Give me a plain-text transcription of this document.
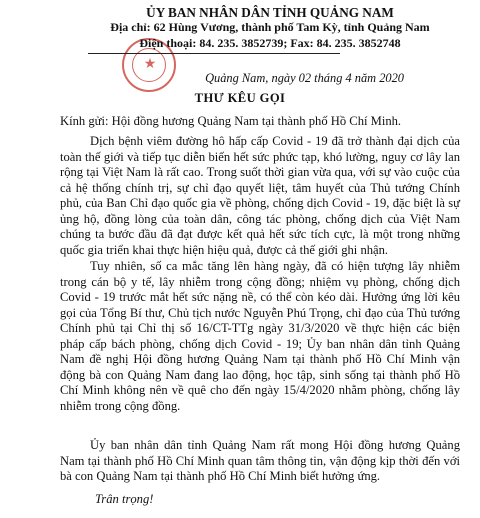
★
ỦY BAN NHÂN DÂN TỈNH QUẢNG NAM
Địa chỉ: 62 Hùng Vương, thành phố Tam Kỳ, tỉnh Quảng Nam
Điện thoại: 84. 235. 3852739; Fax: 84. 235. 3852748
Quảng Nam, ngày 02 tháng 4 năm 2020
THƯ KÊU GỌI
Kính gửi: Hội đồng hương Quảng Nam tại thành phố Hồ Chí Minh.
Dịch bệnh viêm đường hô hấp cấp Covid - 19 đã trở thành đại dịch của
toàn thế giới và tiếp tục diễn biến hết sức phức tạp, khó lường, nguy cơ lây lan
rộng tại Việt Nam là rất cao. Trong suốt thời gian vừa qua, với sự vào cuộc của
cả hệ thống chính trị, sự chỉ đạo quyết liệt, tâm huyết của Thủ tướng Chính
phủ, của Ban Chỉ đạo quốc gia về phòng, chống dịch Covid - 19, đặc biệt là sự
ủng hộ, đồng lòng của toàn dân, công tác phòng, chống dịch của Việt Nam
chúng ta bước đầu đã đạt được kết quả hết sức tích cực, là một trong những
quốc gia triển khai thực hiện hiệu quả, được cả thế giới ghi nhận.
Tuy nhiên, số ca mắc tăng lên hàng ngày, đã có hiện tượng lây nhiễm
trong cán bộ y tế, lây nhiễm trong cộng đồng; nhiệm vụ phòng, chống dịch
Covid - 19 trước mắt hết sức nặng nề, có thể còn kéo dài. Hưởng ứng lời kêu
gọi của Tổng Bí thư, Chủ tịch nước Nguyễn Phú Trọng, chỉ đạo của Thủ tướng
Chính phủ tại Chỉ thị số 16/CT-TTg ngày 31/3/2020 về thực hiện các biện
pháp cấp bách phòng, chống dịch Covid - 19; Ủy ban nhân dân tỉnh Quảng
Nam đề nghị Hội đồng hương Quảng Nam tại thành phố Hồ Chí Minh vận
động bà con Quảng Nam đang lao động, học tập, sinh sống tại thành phố Hồ
Chí Minh không nên về quê cho đến ngày 15/4/2020 nhằm phòng, chống lây
nhiễm trong cộng đồng.
Ủy ban nhân dân tỉnh Quảng Nam rất mong Hội đồng hương Quảng
Nam tại thành phố Hồ Chí Minh quan tâm thông tin, vận động kịp thời đến với
bà con Quảng Nam tại thành phố Hồ Chí Minh biết hưởng ứng.
Trân trọng!
